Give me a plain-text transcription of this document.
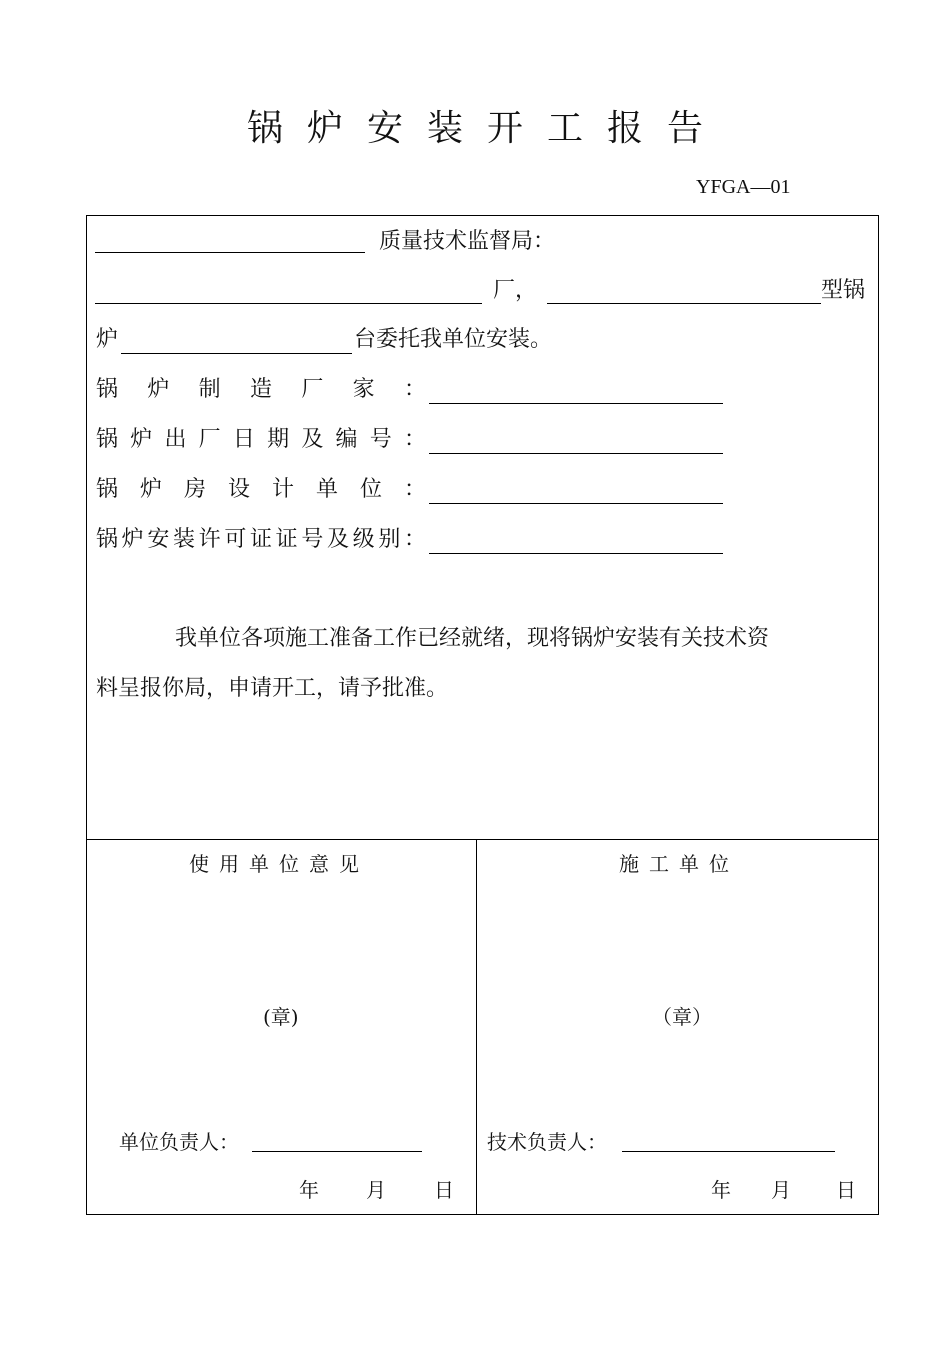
锅炉安装开工报告
YFGA—01
质量技术监督局：
厂，	型锅
炉	台委托我单位安装。
锅炉制造厂家：
锅炉出厂日期及编号：
锅炉房设计单位：
锅炉安装许可证证号及级别：
我单位各项施工准备工作已经就绪，现将锅炉安装有关技术资
料呈报你局，申请开工，请予批准。
使用单位意见
(章)
单位负责人：
年 月 日
施工单位
（章）
技术负责人：
年 月 日
